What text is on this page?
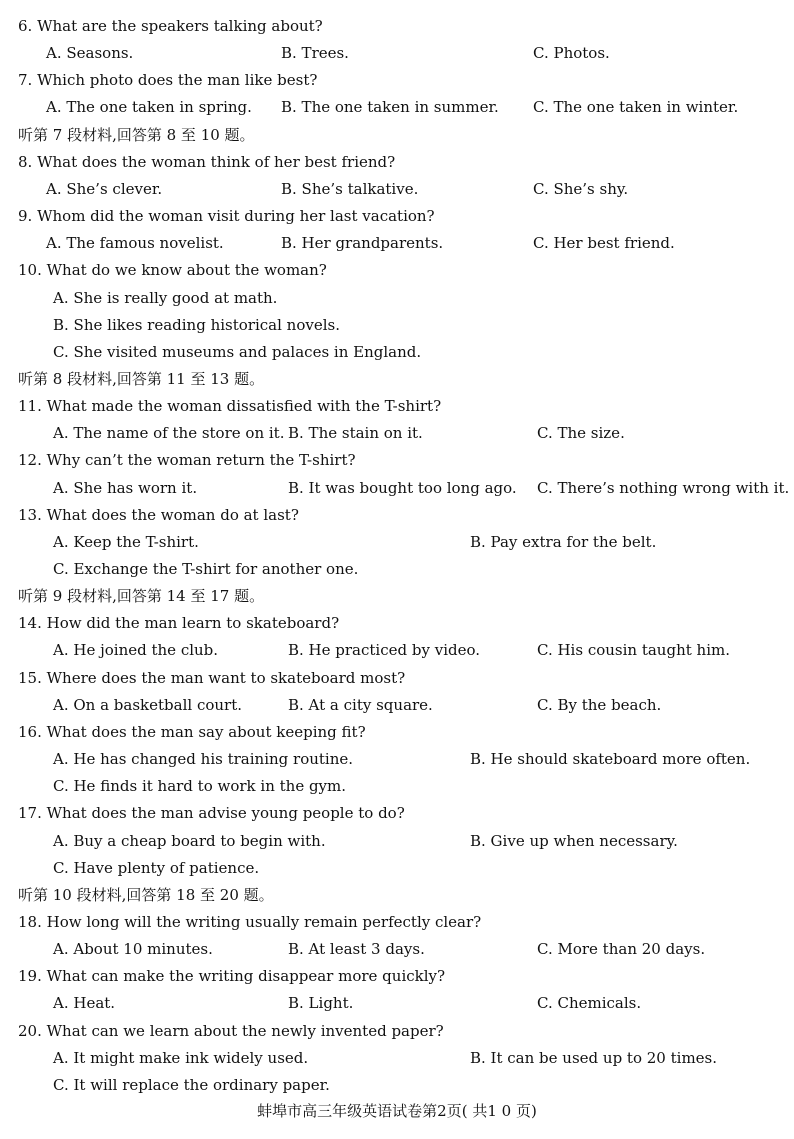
6. What are the speakers talking about?
A. Seasons.	B. Trees.	C. Photos.
7. Which photo does the man like best?
A. The one taken in spring. B. The one taken in summer. C. The one taken in winter.
听第 7 段材料,回答第 8 至 10 题。
8. What does the woman think of her best friend?
A. She’s clever.	B. She’s talkative.	C. She’s shy.
9. Whom did the woman visit during her last vacation?
A. The famous novelist.	B. Her grandparents.	C. Her best friend.
10. What do we know about the woman?
A. She is really good at math.
B. She likes reading historical novels.
C. She visited museums and palaces in England.
听第 8 段材料,回答第 11 至 13 题。
11. What made the woman dissatisfied with the T-shirt?
A. The name of the store on it. B. The stain on it.	C. The size.
12. Why can’t the woman return the T-shirt?
A. She has worn it.	B. It was bought too long ago. C. There’s nothing wrong with it.
13. What does the woman do at last?
A. Keep the T-shirt.	B. Pay extra for the belt.
C. Exchange the T-shirt for another one.
听第 9 段材料,回答第 14 至 17 题。
14. How did the man learn to skateboard?
A. He joined the club.	B. He practiced by video.	C. His cousin taught him.
15. Where does the man want to skateboard most?
A. On a basketball court.	B. At a city square.	C. By the beach.
16. What does the man say about keeping fit?
A. He has changed his training routine.	B. He should skateboard more often.
C. He finds it hard to work in the gym.
17. What does the man advise young people to do?
A. Buy a cheap board to begin with.	B. Give up when necessary.
C. Have plenty of patience.
听第 10 段材料,回答第 18 至 20 题。
18. How long will the writing usually remain perfectly clear?
A. About 10 minutes.	B. At least 3 days.	C. More than 20 days.
19. What can make the writing disappear more quickly?
A. Heat.	B. Light.	C. Chemicals.
20. What can we learn about the newly invented paper?
A. It might make ink widely used.	B. It can be used up to 20 times.
C. It will replace the ordinary paper.
蚌埠市高三年级英语试卷第2页( 共1 0 页)
